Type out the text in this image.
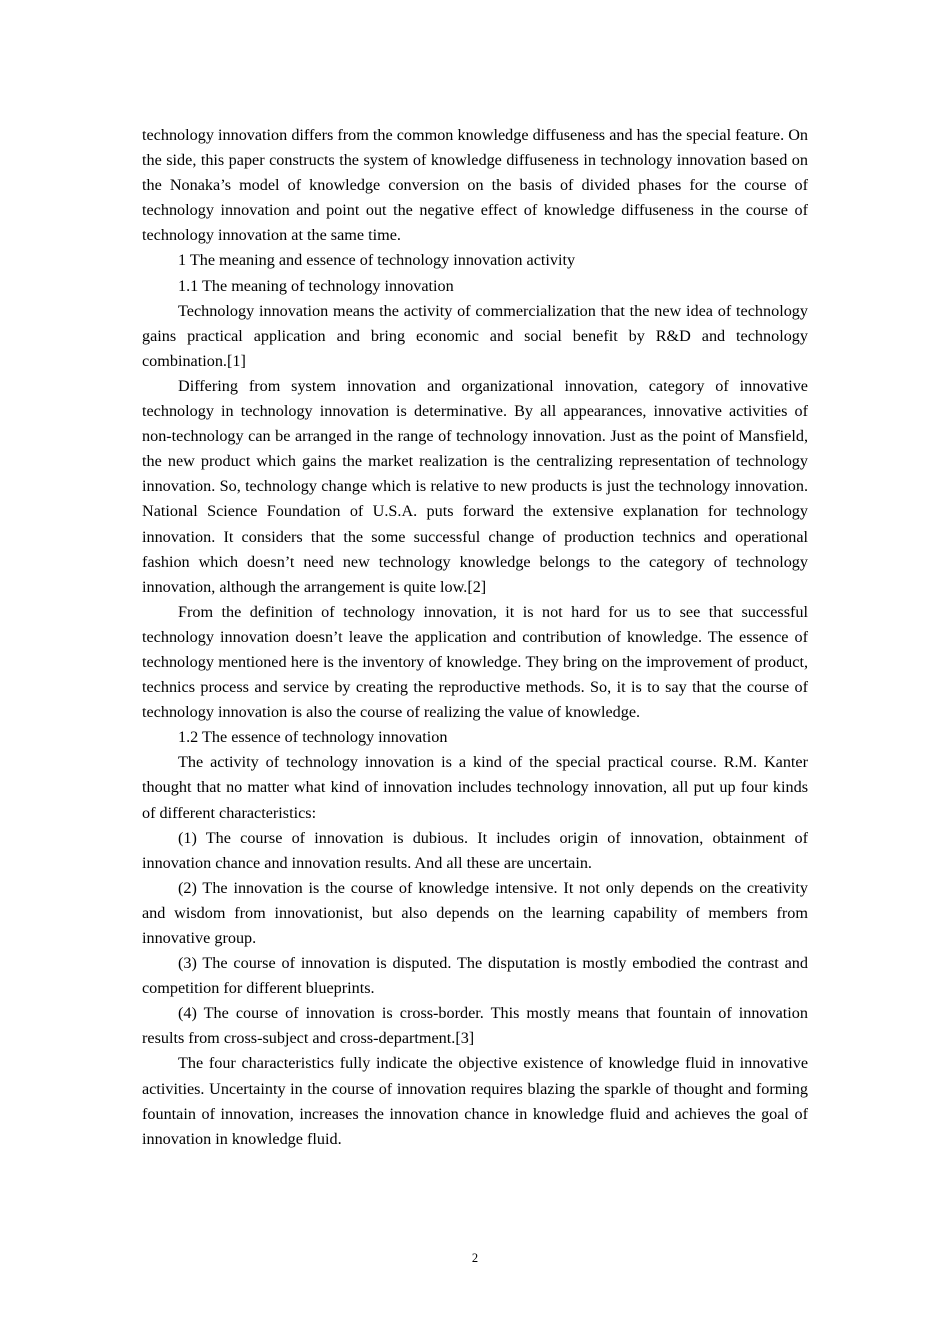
technology innovation differs from the common knowledge diffuseness and has the special feature. On the side, this paper constructs the system of knowledge diffuseness in technology innovation based on the Nonaka’s model of knowledge conversion on the basis of divided phases for the course of technology innovation and point out the negative effect of knowledge diffuseness in the course of technology innovation at the same time.
1 The meaning and essence of technology innovation activity
1.1 The meaning of technology innovation
Technology innovation means the activity of commercialization that the new idea of technology gains practical application and bring economic and social benefit by R&D and technology combination.[1]
Differing from system innovation and organizational innovation, category of innovative technology in technology innovation is determinative. By all appearances, innovative activities of non-technology can be arranged in the range of technology innovation. Just as the point of Mansfield, the new product which gains the market realization is the centralizing representation of technology innovation. So, technology change which is relative to new products is just the technology innovation. National Science Foundation of U.S.A. puts forward the extensive explanation for technology innovation. It considers that the some successful change of production technics and operational fashion which doesn’t need new technology knowledge belongs to the category of technology innovation, although the arrangement is quite low.[2]
From the definition of technology innovation, it is not hard for us to see that successful technology innovation doesn’t leave the application and contribution of knowledge. The essence of technology mentioned here is the inventory of knowledge. They bring on the improvement of product, technics process and service by creating the reproductive methods. So, it is to say that the course of technology innovation is also the course of realizing the value of knowledge.
1.2 The essence of technology innovation
The activity of technology innovation is a kind of the special practical course. R.M. Kanter thought that no matter what kind of innovation includes technology innovation, all put up four kinds of different characteristics:
(1) The course of innovation is dubious. It includes origin of innovation, obtainment of innovation chance and innovation results. And all these are uncertain.
(2) The innovation is the course of knowledge intensive. It not only depends on the creativity and wisdom from innovationist, but also depends on the learning capability of members from innovative group.
(3) The course of innovation is disputed. The disputation is mostly embodied the contrast and competition for different blueprints.
(4) The course of innovation is cross-border. This mostly means that fountain of innovation results from cross-subject and cross-department.[3]
The four characteristics fully indicate the objective existence of knowledge fluid in innovative activities. Uncertainty in the course of innovation requires blazing the sparkle of thought and forming fountain of innovation, increases the innovation chance in knowledge fluid and achieves the goal of innovation in knowledge fluid.
2
